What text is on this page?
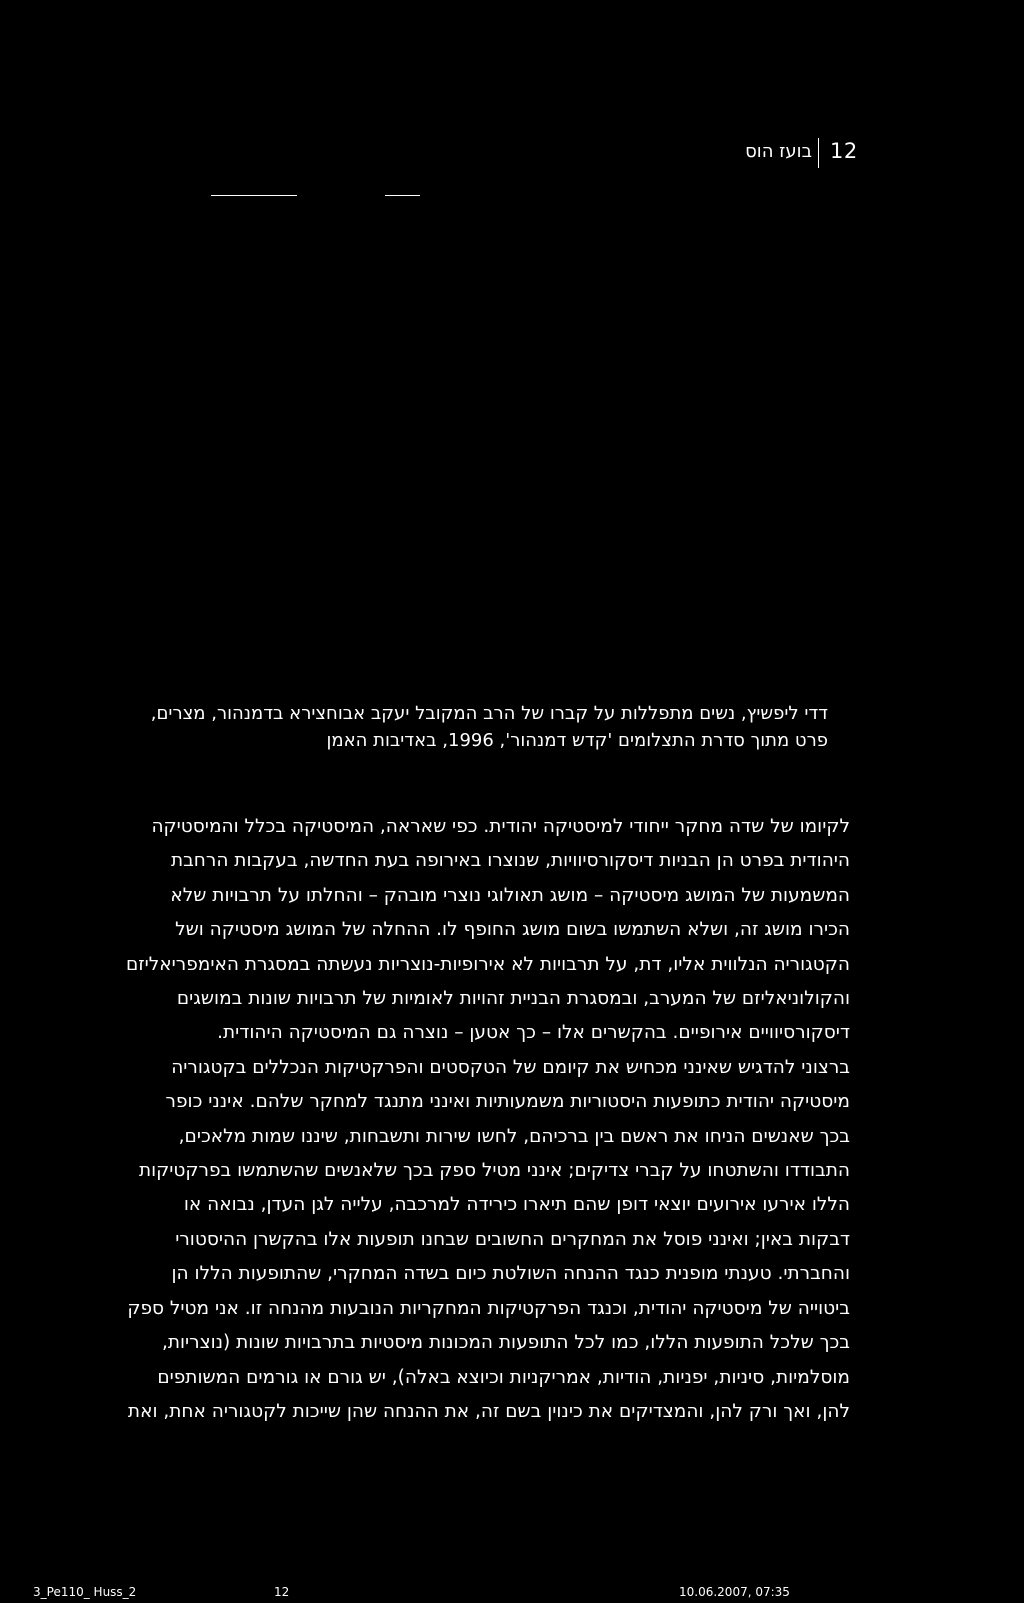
בועז הוס 12
דדי ליפשיץ, נשים מתפללות על קברו של הרב המקובל יעקב אבוחצירא בדמנהור, מצרים,
פרט מתוך סדרת התצלומים 'קדש דמנהור', 1996, באדיבות האמן
לקיומו של שדה מחקר ייחודי למיסטיקה יהודית. כפי שאראה, המיסטיקה בכלל והמיסטיקה
היהודית בפרט הן הבניות דיסקורסיוויות, שנוצרו באירופה בעת החדשה, בעקבות הרחבת
המשמעות של המושג מיסטיקה – מושג תאולוגי נוצרי מובהק – והחלתו על תרבויות שלא
הכירו מושג זה, ושלא השתמשו בשום מושג החופף לו. ההחלה של המושג מיסטיקה ושל
הקטגוריה הנלווית אליו, דת, על תרבויות לא אירופיות-נוצריות נעשתה במסגרת האימפריאליזם
והקולוניאליזם של המערב, ובמסגרת הבניית זהויות לאומיות של תרבויות שונות במושגים
דיסקורסיוויים אירופיים. בהקשרים אלו – כך אטען – נוצרה גם המיסטיקה היהודית.
ברצוני להדגיש שאינני מכחיש את קיומם של הטקסטים והפרקטיקות הנכללים בקטגוריה
מיסטיקה יהודית כתופעות היסטוריות משמעותיות ואינני מתנגד למחקר שלהם. אינני כופר
בכך שאנשים הניחו את ראשם בין ברכיהם, לחשו שירות ותשבחות, שיננו שמות מלאכים,
התבודדו והשתטחו על קברי צדיקים; אינני מטיל ספק בכך שלאנשים שהשתמשו בפרקטיקות
הללו אירעו אירועים יוצאי דופן שהם תיארו כירידה למרכבה, עלייה לגן העדן, נבואה או
דבקות באין; ואינני פוסל את המחקרים החשובים שבחנו תופעות אלו בהקשרן ההיסטורי
והחברתי. טענתי מופנית כנגד ההנחה השולטת כיום בשדה המחקרי, שהתופעות הללו הן
ביטוייה של מיסטיקה יהודית, וכנגד הפרקטיקות המחקריות הנובעות מהנחה זו. אני מטיל ספק
בכך שלכל התופעות הללו, כמו לכל התופעות המכונות מיסטיות בתרבויות שונות (נוצריות,
מוסלמיות, סיניות, יפניות, הודיות, אמריקניות וכיוצא באלה), יש גורם או גורמים המשותפים
להן, ואך ורק להן, והמצדיקים את כינוין בשם זה, את ההנחה שהן שייכות לקטגוריה אחת, ואת
3_Pe110_ Huss_2	12	10.06.2007, 07:35
